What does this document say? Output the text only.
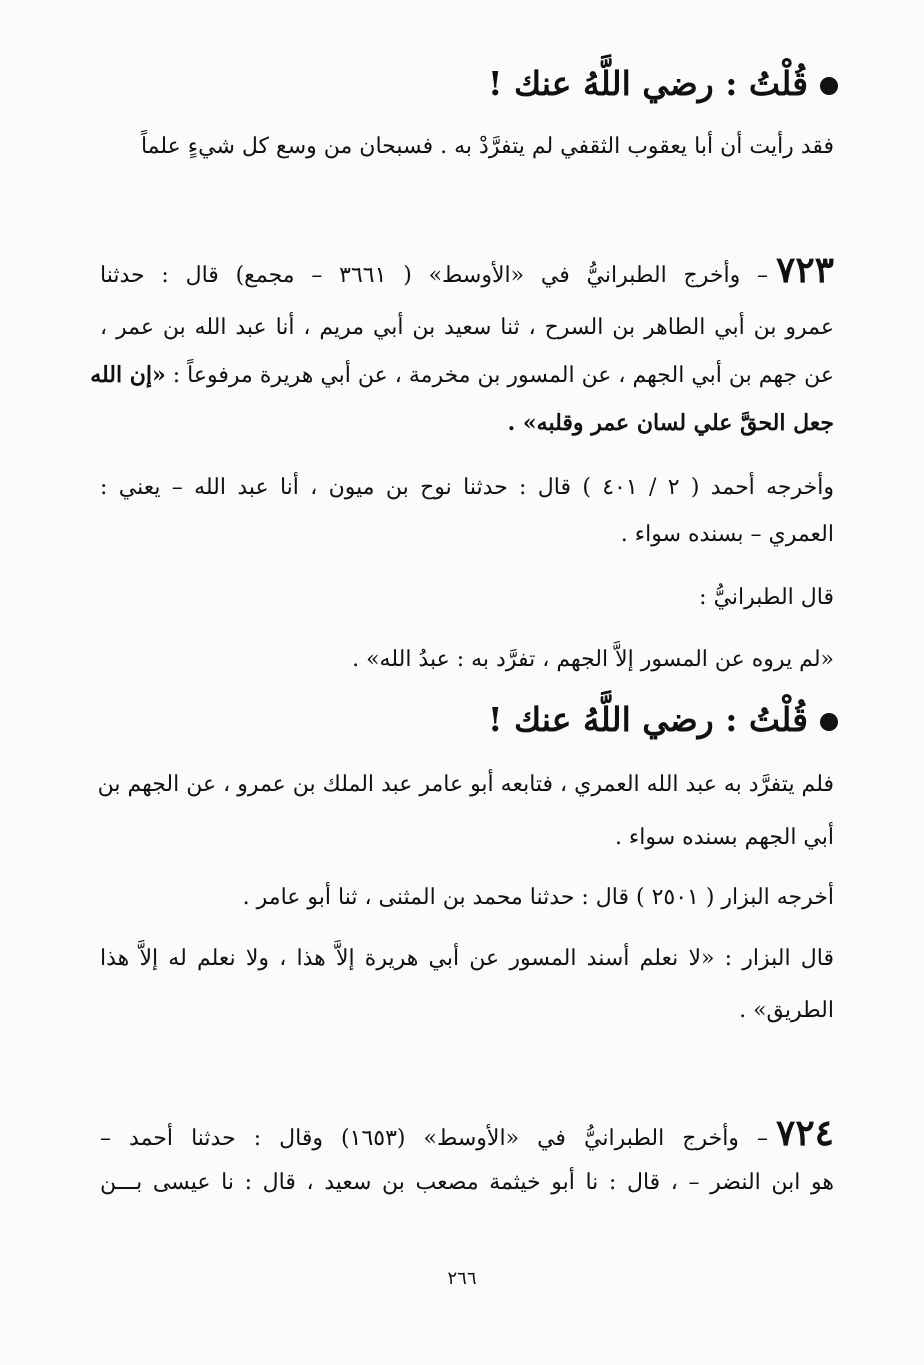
قُلْتُ : رضي اللَّهُ عنك !
فقد رأيت أن أبا يعقوب الثقفي لم يتفرَّدْ به . فسبحان من وسع كل شيءٍ علماً
٧٢٣– وأخرج الطبرانيُّ في «الأوسط» ( ٣٦٦١ – مجمع) قال : حدثنا
عمرو بن أبي الطاهر بن السرح ، ثنا سعيد بن أبي مريم ، أنا عبد الله بن عمر ،
عن جهم بن أبي الجهم ، عن المسور بن مخرمة ، عن أبي هريرة مرفوعاً : «إن الله
جعل الحقَّ علي لسان عمر وقلبه» .
وأخرجه أحمد ( ٢ / ٤٠١ ) قال : حدثنا نوح بن ميون ، أنا عبد الله – يعني :
العمري – بسنده سواء .
قال الطبرانيُّ :
«لم يروه عن المسور إلاَّ الجهم ، تفرَّد به : عبدُ الله» .
قُلْتُ : رضي اللَّهُ عنك !
فلم يتفرَّد به عبد الله العمري ، فتابعه أبو عامر عبد الملك بن عمرو ، عن الجهم بن
أبي الجهم بسنده سواء .
أخرجه البزار ( ٢٥٠١ ) قال : حدثنا محمد بن المثنى ، ثنا أبو عامر .
قال البزار : «لا نعلم أسند المسور عن أبي هريرة إلاَّ هذا ، ولا نعلم له إلاَّ هذا
الطريق» .
٧٢٤– وأخرج الطبرانيُّ في «الأوسط» (١٦٥٣) وقال : حدثنا أحمد –
هو ابن النضر – ، قال : نا أبو خيثمة مصعب بن سعيد ، قال : نا عيسى بـــن
٢٦٦
